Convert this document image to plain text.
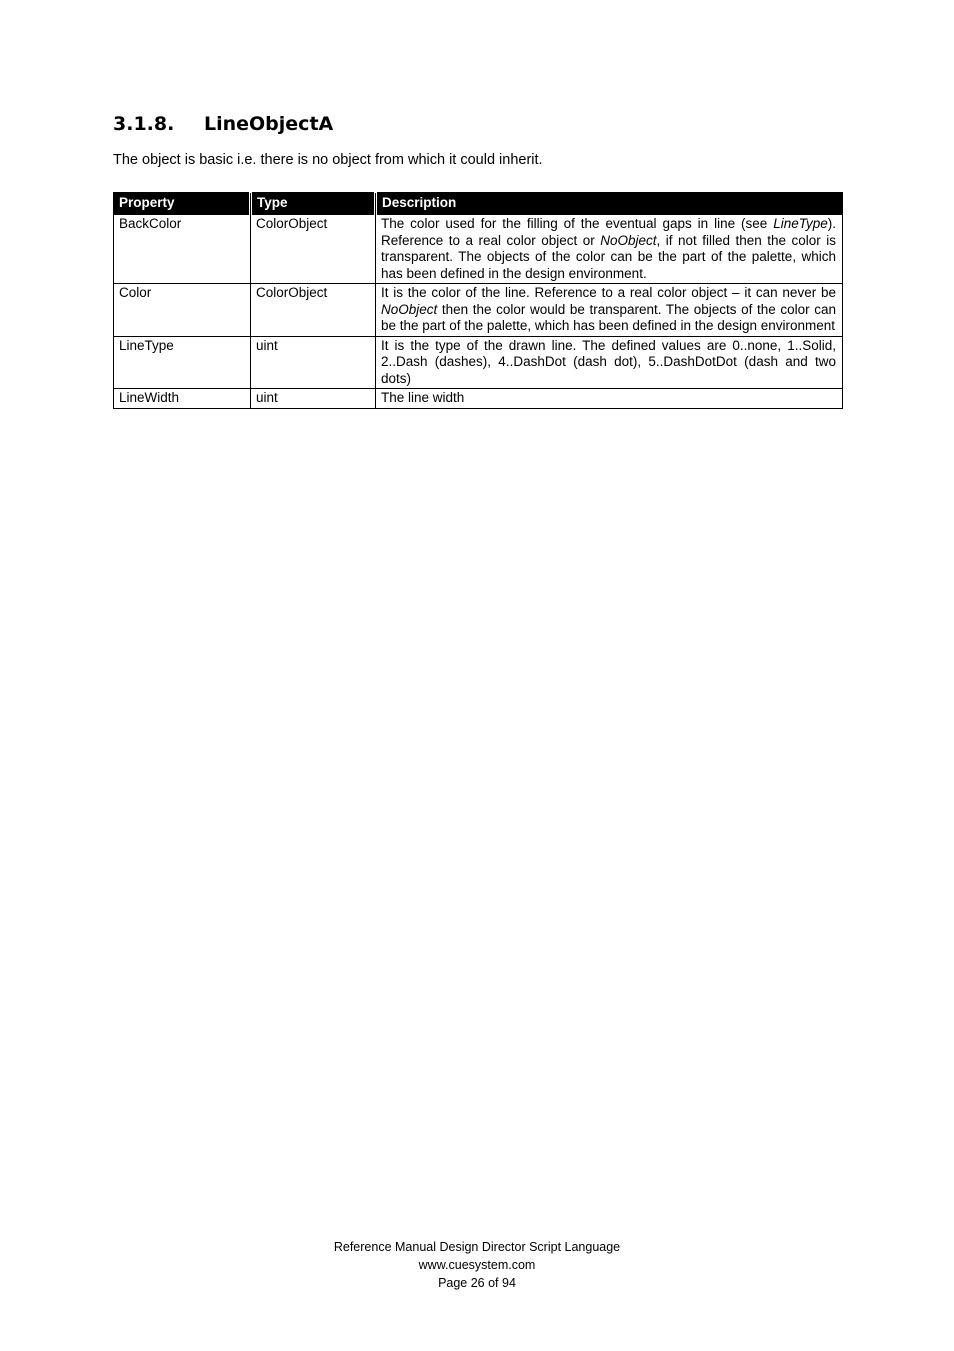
3.1.8. LineObjectA

The object is basic i.e. there is no object from which it could inherit.

Property	Type	Description
BackColor	ColorObject	The color used for the filling of the eventual gaps in line (see LineType). Reference to a real color object or NoObject, if not filled then the color is transparent. The objects of the color can be the part of the palette, which has been defined in the design environment.
Color	ColorObject	It is the color of the line. Reference to a real color object – it can never be NoObject then the color would be transparent. The objects of the color can be the part of the palette, which has been defined in the design environment
LineType	uint	It is the type of the drawn line. The defined values are 0..none, 1..Solid, 2..Dash (dashes), 4..DashDot (dash dot), 5..DashDotDot (dash and two dots)
LineWidth	uint	The line width
Reference Manual Design Director Script Language
www.cuesystem.com
Page 26 of 94
